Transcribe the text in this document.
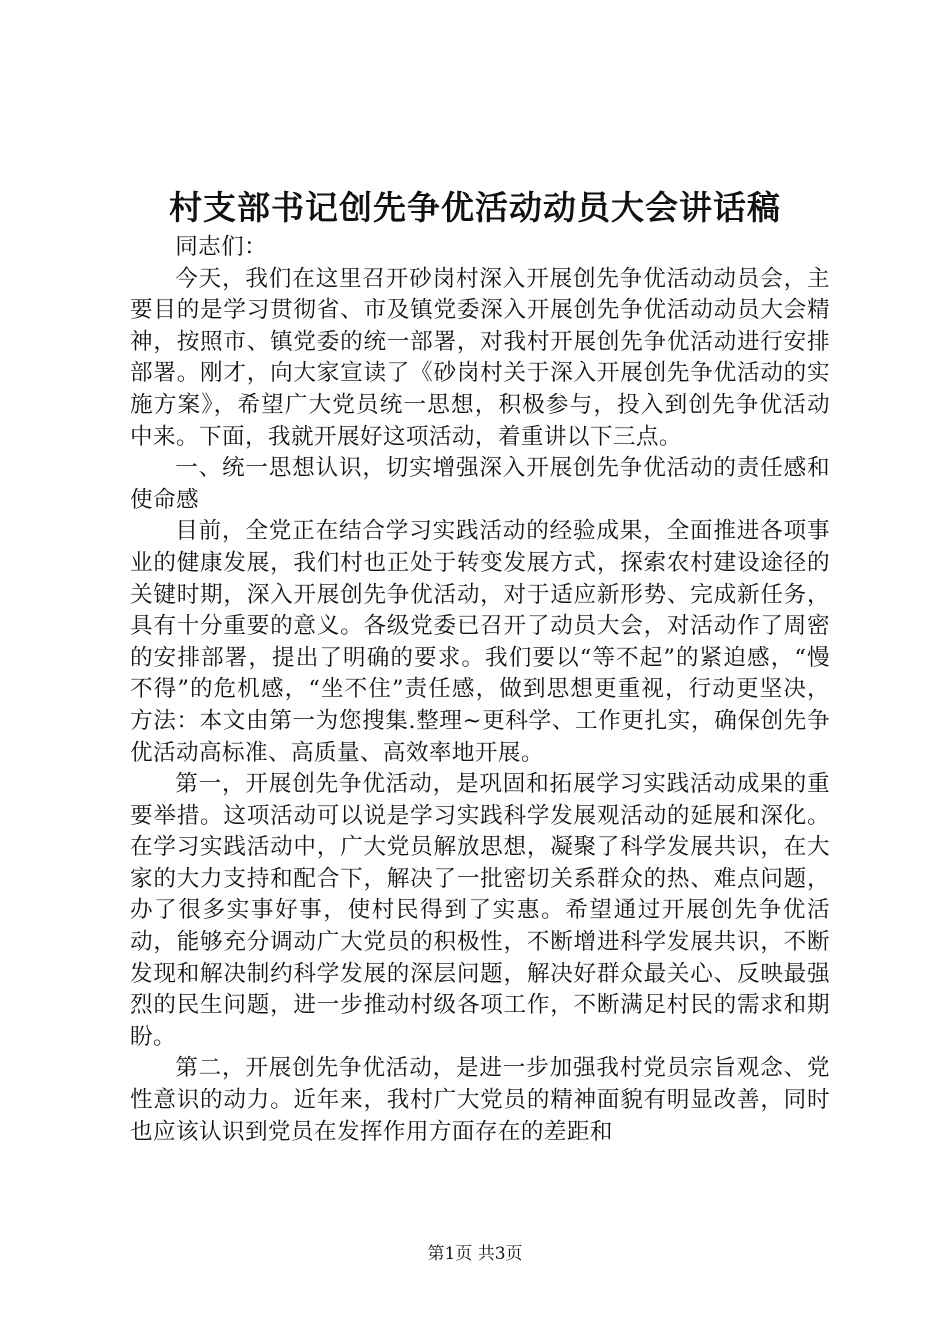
村支部书记创先争优活动动员大会讲话稿

同志们：

今天，我们在这里召开砂岗村深入开展创先争优活动动员会，主要目的是学习贯彻省、市及镇党委深入开展创先争优活动动员大会精神，按照市、镇党委的统一部署，对我村开展创先争优活动进行安排部署。刚才，向大家宣读了《砂岗村关于深入开展创先争优活动的实施方案》，希望广大党员统一思想，积极参与，投入到创先争优活动中来。下面，我就开展好这项活动，着重讲以下三点。

一、统一思想认识，切实增强深入开展创先争优活动的责任感和使命感

目前，全党正在结合学习实践活动的经验成果，全面推进各项事业的健康发展，我们村也正处于转变发展方式，探索农村建设途径的关键时期，深入开展创先争优活动，对于适应新形势、完成新任务，具有十分重要的意义。各级党委已召开了动员大会，对活动作了周密的安排部署，提出了明确的要求。我们要以“等不起”的紧迫感，“慢不得”的危机感，“坐不住”责任感，做到思想更重视，行动更坚决，方法：本文由第一为您搜集.整理~更科学、工作更扎实，确保创先争优活动高标准、高质量、高效率地开展。

第一，开展创先争优活动，是巩固和拓展学习实践活动成果的重要举措。这项活动可以说是学习实践科学发展观活动的延展和深化。在学习实践活动中，广大党员解放思想，凝聚了科学发展共识，在大家的大力支持和配合下，解决了一批密切关系群众的热、难点问题，办了很多实事好事，使村民得到了实惠。希望通过开展创先争优活动，能够充分调动广大党员的积极性，不断增进科学发展共识，不断发现和解决制约科学发展的深层问题，解决好群众最关心、反映最强烈的民生问题，进一步推动村级各项工作，不断满足村民的需求和期盼。

第二，开展创先争优活动，是进一步加强我村党员宗旨观念、党性意识的动力。近年来，我村广大党员的精神面貌有明显改善，同时也应该认识到党员在发挥作用方面存在的差距和

第1页 共3页
